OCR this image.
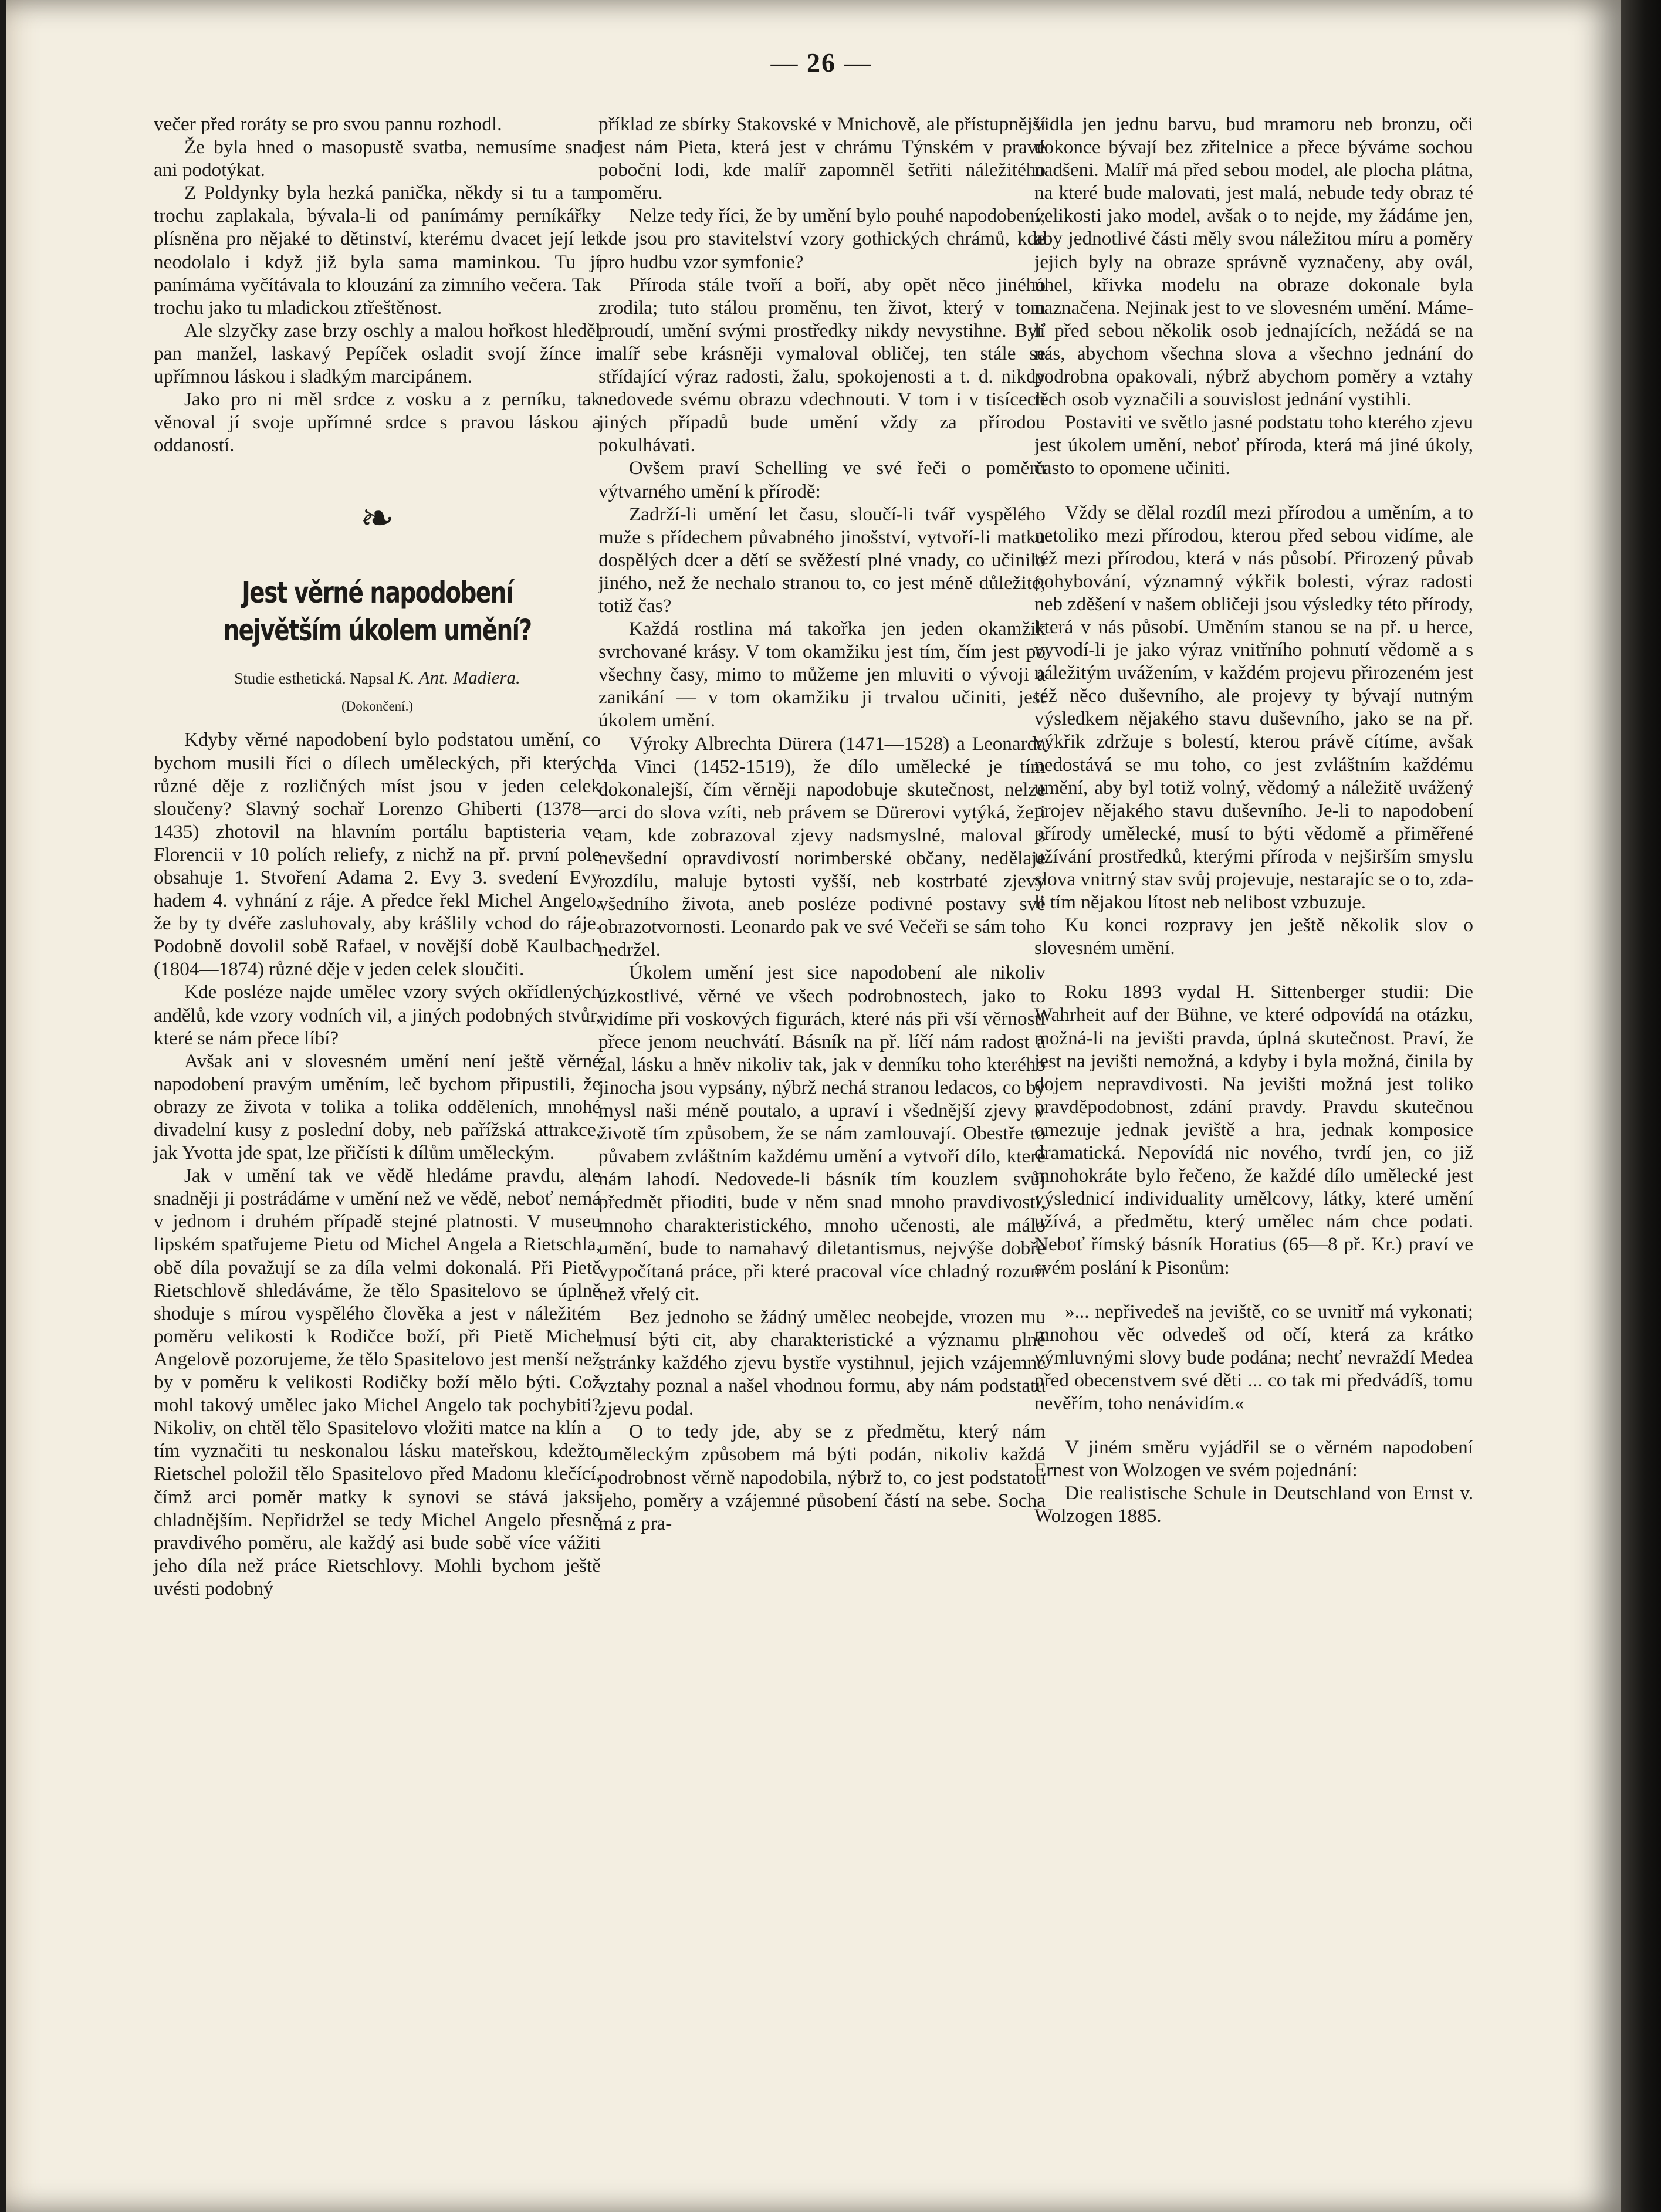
— 26 —

večer před roráty se pro svou pannu rozhodl.

Že byla hned o masopustě svatba, nemusíme snad ani podotýkat.

Z Poldynky byla hezká panička, někdy si tu a tam trochu zaplakala, bývala-li od panímámy perníkářky plísněna pro nějaké to dětinství, kterému dvacet její let neodolalo i když již byla sama maminkou. Tu jí panímáma vyčítávala to klouzání za zimního večera. Tak trochu jako tu mladickou ztřeštěnost.

Ale slzyčky zase brzy oschly a malou hořkost hleděl pan manžel, laskavý Pepíček osladit svojí žínce i upřímnou láskou i sladkým marcipánem.

Jako pro ni měl srdce z vosku a z perníku, tak věnoval jí svoje upřímné srdce s pravou láskou a oddaností.

❧
Jest věrné napodobení největším úkolem umění?
Studie esthetická. Napsal K. Ant. Madiera.
(Dokončení.)

Kdyby věrné napodobení bylo podstatou umění, co bychom musili říci o dílech uměleckých, při kterých různé děje z rozličných míst jsou v jeden celek sloučeny? Slavný sochař Lorenzo Ghiberti (1378—1435) zhotovil na hlavním portálu baptisteria ve Florencii v 10 polích reliefy, z nichž na př. první pole obsahuje 1. Stvoření Adama 2. Evy 3. svedení Evy hadem 4. vyhnání z ráje. A předce řekl Michel Angelo, že by ty dvéře zasluhovaly, aby krášlily vchod do ráje. Podobně dovolil sobě Rafael, v novější době Kaulbach (1804—1874) různé děje v jeden celek sloučiti.

Kde posléze najde umělec vzory svých okřídlených andělů, kde vzory vodních vil, a jiných podobných stvůr, které se nám přece líbí?

Avšak ani v slovesném umění není ještě věrné napodobení pravým uměním, leč bychom připustili, že obrazy ze života v tolika a tolika odděleních, mnohé divadelní kusy z poslední doby, neb pařížská attrakce, jak Yvotta jde spat, lze přičísti k dílům uměleckým.

Jak v umění tak ve vědě hledáme pravdu, ale snadněji ji postrádáme v umění než ve vědě, neboť nemá v jednom i druhém případě stejné platnosti. V museu lipském spatřujeme Pietu od Michel Angela a Rietschla, obě díla považují se za díla velmi dokonalá. Při Pietě Rietschlově shledáváme, že tělo Spasitelovo se úplně shoduje s mírou vyspělého člověka a jest v náležitém poměru velikosti k Rodičce boží, při Pietě Michel Angelově pozorujeme, že tělo Spasitelovo jest menší než by v poměru k velikosti Rodičky boží mělo býti. Což mohl takový umělec jako Michel Angelo tak pochybiti? Nikoliv, on chtěl tělo Spasitelovo vložiti matce na klín a tím vyznačiti tu neskonalou lásku mateřskou, kdežto Rietschel položil tělo Spasitelovo před Madonu klečící, čímž arci poměr matky k synovi se stává jaksi chladnějším. Nepřidržel se tedy Michel Angelo přesně pravdivého poměru, ale každý asi bude sobě více vážiti jeho díla než práce Rietschlovy. Mohli bychom ještě uvésti podobný

příklad ze sbírky Stakovské v Mnichově, ale přístupnější jest nám Pieta, která jest v chrámu Týnském v pravé pobočnί lodi, kde malíř zapomněl šetřiti náležitého poměru.

Nelze tedy říci, že by umění bylo pouhé napodobení; kde jsou pro stavitelství vzory gothických chrámů, kde pro hudbu vzor symfonie?

Příroda stále tvoří a boří, aby opět něco jiného zrodila; tuto stálou proměnu, ten život, který v tom proudí, umění svými prostředky nikdy nevystihne. Byť malíř sebe krásněji vymaloval obličej, ten stále se střídající výraz radosti, žalu, spokojenosti a t. d. nikdy nedovede svému obrazu vdechnouti. V tom i v tisícech jiných případů bude umění vždy za přírodou pokulhávati.

Ovšem praví Schelling ve své řeči o poměru výtvarného umění k přírodě:

Zadrží-li umění let času, sloučí-li tvář vyspělého muže s přídechem půvabného jinošství, vytvoří-li matku dospělých dcer a dětí se svěžestí plné vnady, co učinilo jiného, než že nechalo stranou to, co jest méně důležité, totiž čas?

Každá rostlina má takořka jen jeden okamžik svrchované krásy. V tom okamžiku jest tím, čím jest po všechny časy, mimo to můžeme jen mluviti o vývoji a zanikání — v tom okamžiku ji trvalou učiniti, jest úkolem umění.

Výroky Albrechta Dürera (1471—1528) a Leonarda da Vinci (1452-1519), že dílo umělecké je tím dokonalejší, čím věrněji napodobuje skutečnost, nelze arci do slova vzíti, neb právem se Dürerovi vytýká, že i tam, kde zobrazoval zjevy nadsmyslné, maloval s nevšední opravdivostí norimberské občany, nedělaje rozdílu, maluje bytosti vyšší, neb kostrbaté zjevy všedního života, aneb posléze podivné postavy své obrazotvornosti. Leonardo pak ve své Večeři se sám toho nedržel.

Úkolem umění jest sice napodobení ale nikoliv úzkostlivé, věrné ve všech podrobnostech, jako to vidíme při voskových figurách, které nás při vší věrnosti přece jenom neuchvátí. Básník na př. líčí nám radost a žal, lásku a hněv nikoliv tak, jak v denníku toho kterého jinocha jsou vypsány, nýbrž nechá stranou ledacos, co by mysl naši méně poutalo, a upraví i všednější zjevy v životě tím způsobem, že se nám zamlouvají. Obestře to půvabem zvláštním každému umění a vytvoří dílo, které nám lahodí. Nedovede-li básník tím kouzlem svůj předmět přioditi, bude v něm snad mnoho pravdivosti, mnoho charakteristického, mnoho učenosti, ale málo umění, bude to namahavý diletantismus, nejvýše dobře vypočítaná práce, při které pracoval více chladný rozum než vřelý cit.

Bez jednoho se žádný umělec neobejde, vrozen mu musí býti cit, aby charakteristické a významu plné stránky každého zjevu bystře vystihnul, jejich vzájemné vztahy poznal a našel vhodnou formu, aby nám podstatu zjevu podal.

O to tedy jde, aby se z předmětu, který nám uměleckým způsobem má býti podán, nikoliv každá podrobnost věrně napodobila, nýbrž to, co jest podstatou jeho, poměry a vzájemné působení částí na sebe. Socha má z pra-

vidla jen jednu barvu, bud mramoru neb bronzu, oči dokonce bývají bez zřitelnice a přece býváme sochou nadšeni. Malíř má před sebou model, ale plocha plátna, na které bude malovati, jest malá, nebude tedy obraz té velikosti jako model, avšak o to nejde, my žádáme jen, aby jednotlivé části měly svou náležitou míru a poměry jejich byly na obraze správně vyznačeny, aby ovál, úhel, křivka modelu na obraze dokonale byla naznačena. Nejinak jest to ve slovesném umění. Máme-li před sebou několik osob jednajících, nežádá se na nás, abychom všechna slova a všechno jednání do podrobna opakovali, nýbrž abychom poměry a vztahy těch osob vyznačili a souvislost jednání vystihli.

Postaviti ve světlo jasné podstatu toho kterého zjevu jest úkolem umění, neboť příroda, která má jiné úkoly, často to opomene učiniti.

Vždy se dělal rozdíl mezi přírodou a uměním, a to netoliko mezi přírodou, kterou před sebou vidíme, ale též mezi přírodou, která v nás působí. Přirozený půvab pohybování, významný výkřik bolesti, výraz radosti neb zděšení v našem obličeji jsou výsledky této přírody, která v nás působí. Uměním stanou se na př. u herce, vyvodí-li je jako výraz vnitřního pohnutí vědomě a s náležitým uvážením, v každém projevu přirozeném jest též něco duševního, ale projevy ty bývají nutným výsledkem nějakého stavu duševního, jako se na př. výkřik zdržuje s bolestí, kterou právě cítíme, avšak nedostává se mu toho, co jest zvláštním každému umění, aby byl totiž volný, vědomý a náležitě uvážený projev nějakého stavu duševního. Je-li to napodobení přírody umělecké, musí to býti vědomě a přiměřené užívání prostředků, kterými příroda v nejširším smyslu slova vnitrný stav svůj projevuje, nestarajíc se o to, zda-li tím nějakou lítost neb nelibost vzbuzuje.

Ku konci rozpravy jen ještě několik slov o slovesném umění.

Roku 1893 vydal H. Sittenberger studii: Die Wahrheit auf der Bühne, ve které odpovídá na otázku, možná-li na jevišti pravda, úplná skutečnost. Praví, že jest na jevišti nemožná, a kdyby i byla možná, činila by dojem nepravdivosti. Na jevišti možná jest toliko pravděpodobnost, zdání pravdy. Pravdu skutečnou omezuje jednak jeviště a hra, jednak komposice dramatická. Nepovídá nic nového, tvrdí jen, co již mnohokráte bylo řečeno, že každé dílo umělecké jest výslednicí individuality umělcovy, látky, které umění užívá, a předmětu, který umělec nám chce podati. Neboť římský básník Horatius (65—8 př. Kr.) praví ve svém poslání k Pisonům:

»... nepřivedeš na jeviště, co se uvnitř má vykonati; mnohou věc odvedeš od očí, která za krátko výmluvnými slovy bude podána; nechť nevraždí Medea před obecenstvem své děti ... co tak mi předvádíš, tomu nevěřím, toho nenávidím.«

V jiném směru vyjádřil se o věrném napodobení Ernest von Wolzogen ve svém pojednání:

Die realistische Schule in Deutschland von Ernst v. Wolzogen 1885.
